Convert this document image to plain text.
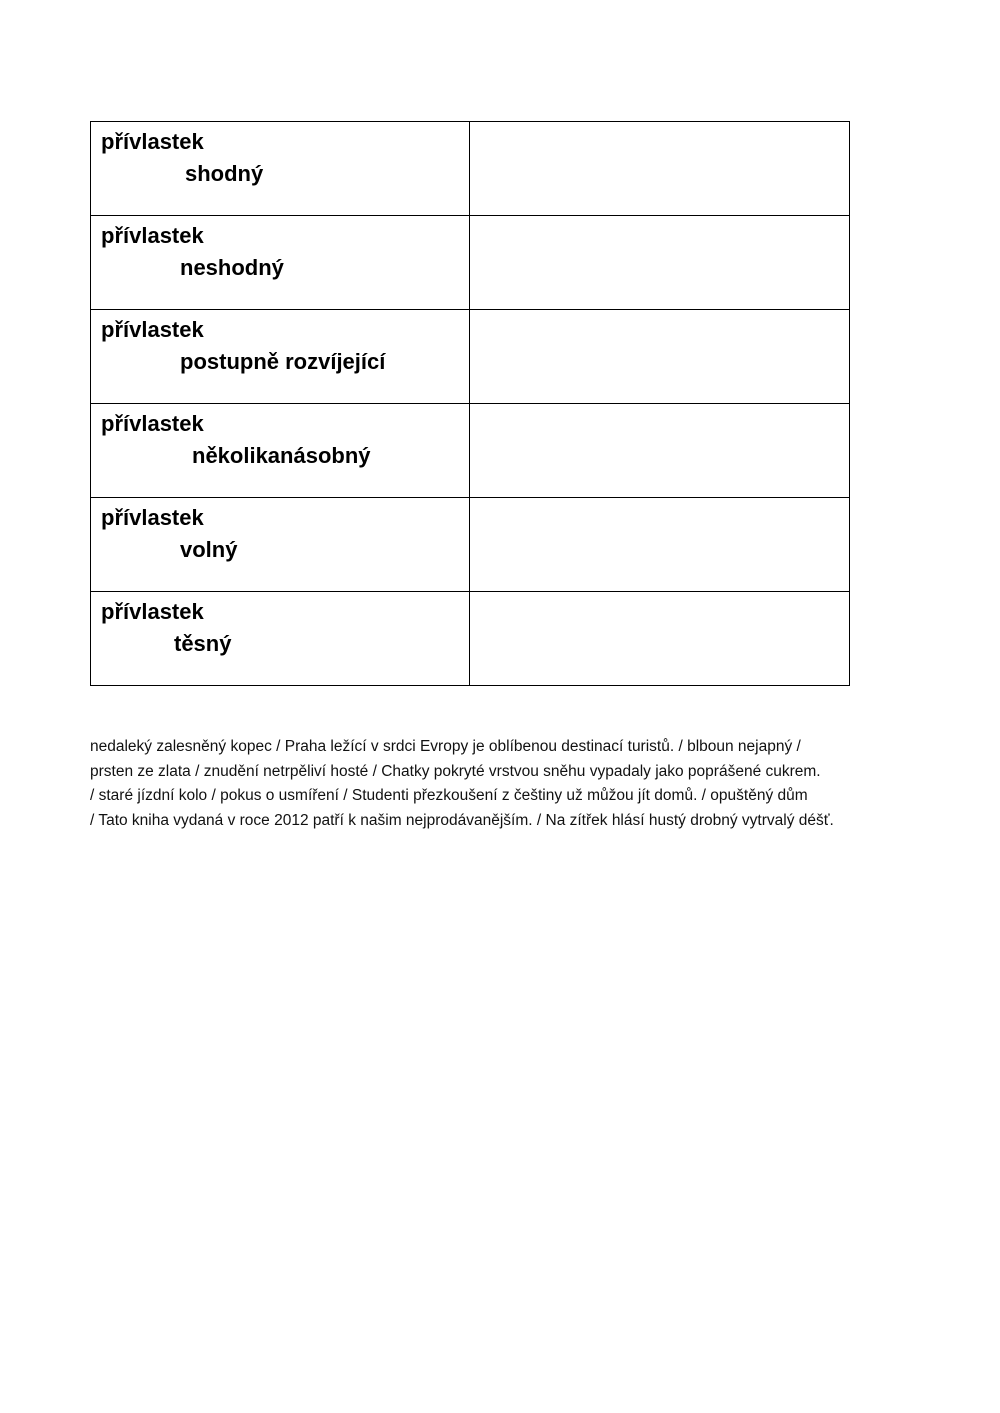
přívlastek
shodný	

přívlastek
neshodný	

přívlastek
postupně rozvíjející	

přívlastek
několikanásobný	

přívlastek
volný	

přívlastek
těsný	

nedaleký zalesněný kopec / Praha ležící v srdci Evropy je oblíbenou destinací turistů. / blboun nejapný /
prsten ze zlata / znudění netrpěliví hosté / Chatky pokryté vrstvou sněhu vypadaly jako poprášené cukrem.
/ staré jízdní kolo / pokus o usmíření / Studenti přezkoušení z češtiny už můžou jít domů. / opuštěný dům
/ Tato kniha vydaná v roce 2012 patří k našim nejprodávanějším. / Na zítřek hlásí hustý drobný vytrvalý déšť.
